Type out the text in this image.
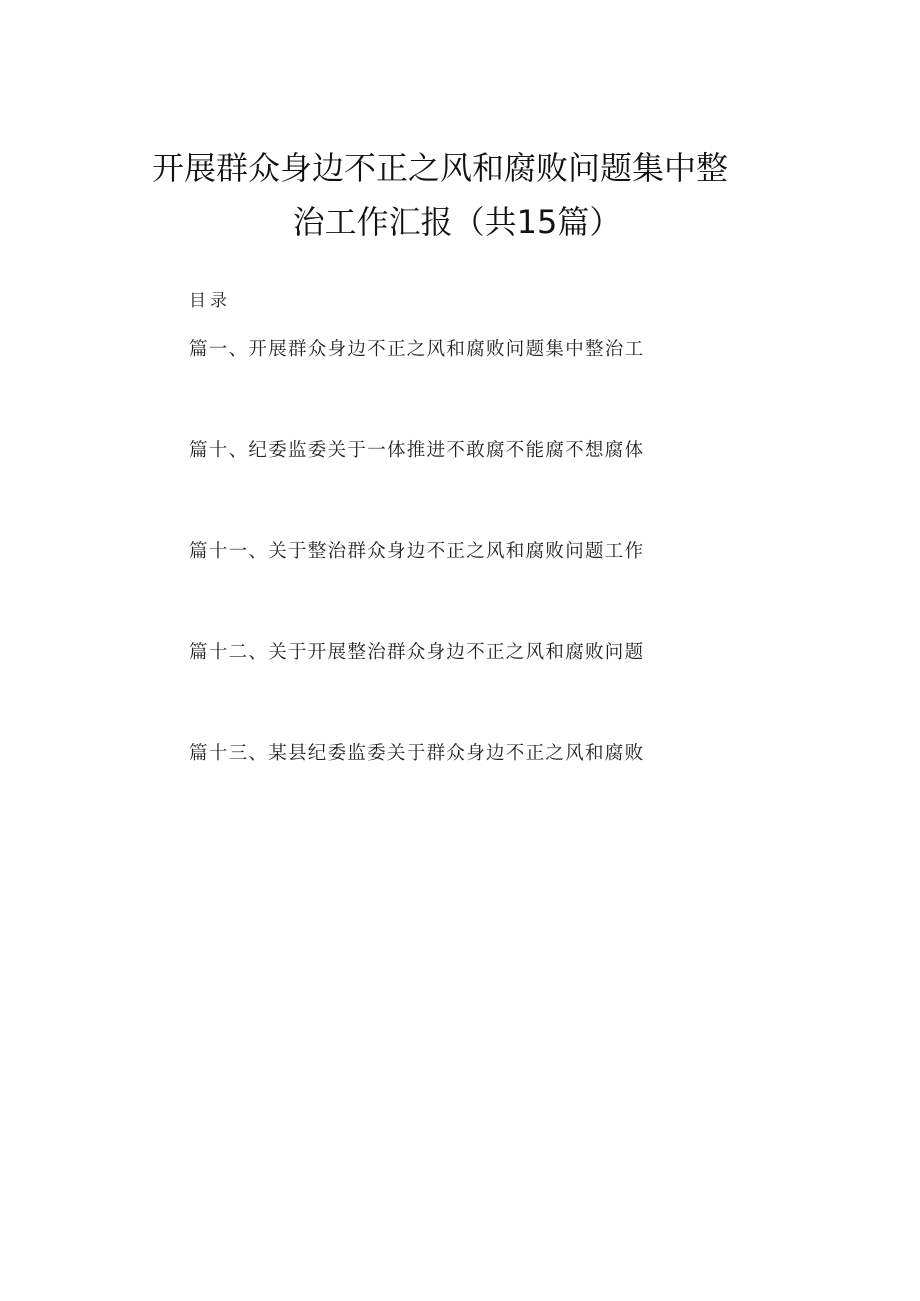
开展群众身边不正之风和腐败问题集中整
治工作汇报（共15篇）
目录
篇一、开展群众身边不正之风和腐败问题集中整治工
篇十、纪委监委关于一体推进不敢腐不能腐不想腐体
篇十一、关于整治群众身边不正之风和腐败问题工作
篇十二、关于开展整治群众身边不正之风和腐败问题
篇十三、某县纪委监委关于群众身边不正之风和腐败
